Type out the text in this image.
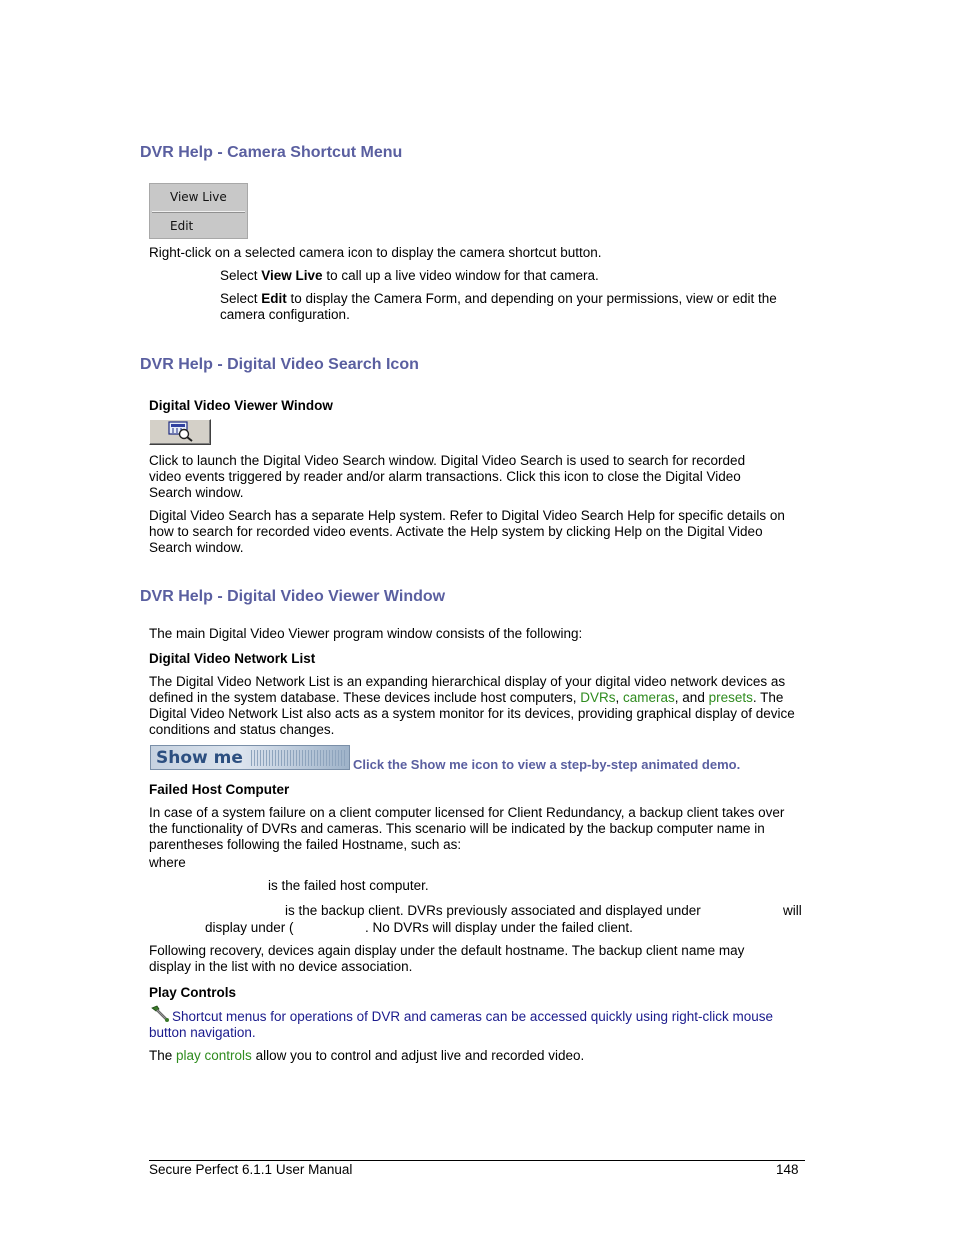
DVR Help - Camera Shortcut Menu
View Live
Edit

Right-click on a selected camera icon to display the camera shortcut button.

Select View Live to call up a live video window for that camera.

Select Edit to display the Camera Form, and depending on your permissions, view or edit the camera configuration.

DVR Help - Digital Video Search Icon

Digital Video Viewer Window

Click to launch the Digital Video Search window. Digital Video Search is used to search for recorded video events triggered by reader and/or alarm transactions. Click this icon to close the Digital Video Search window.

Digital Video Search has a separate Help system. Refer to Digital Video Search Help for specific details on how to search for recorded video events. Activate the Help system by clicking Help on the Digital Video Search window.

DVR Help - Digital Video Viewer Window

The main Digital Video Viewer program window consists of the following:

Digital Video Network List

The Digital Video Network List is an expanding hierarchical display of your digital video network devices as defined in the system database. These devices include host computers, DVRs, cameras, and presets. The Digital Video Network List also acts as a system monitor for its devices, providing graphical display of device conditions and status changes.

Show me	Click the Show me icon to view a step-by-step animated demo.

Failed Host Computer

In case of a system failure on a client computer licensed for Client Redundancy, a backup client takes over the functionality of DVRs and cameras. This scenario will be indicated by the backup computer name in parentheses following the failed Hostname, such as:

where
is the failed host computer.
is the backup client. DVRs previously associated and displayed under	will
display under (	. No DVRs will display under the failed client.

Following recovery, devices again display under the default hostname. The backup client name may display in the list with no device association.

Play Controls

Shortcut menus for operations of DVR and cameras can be accessed quickly using right-click mouse button navigation.

The play controls allow you to control and adjust live and recorded video.

Secure Perfect 6.1.1 User Manual	148
